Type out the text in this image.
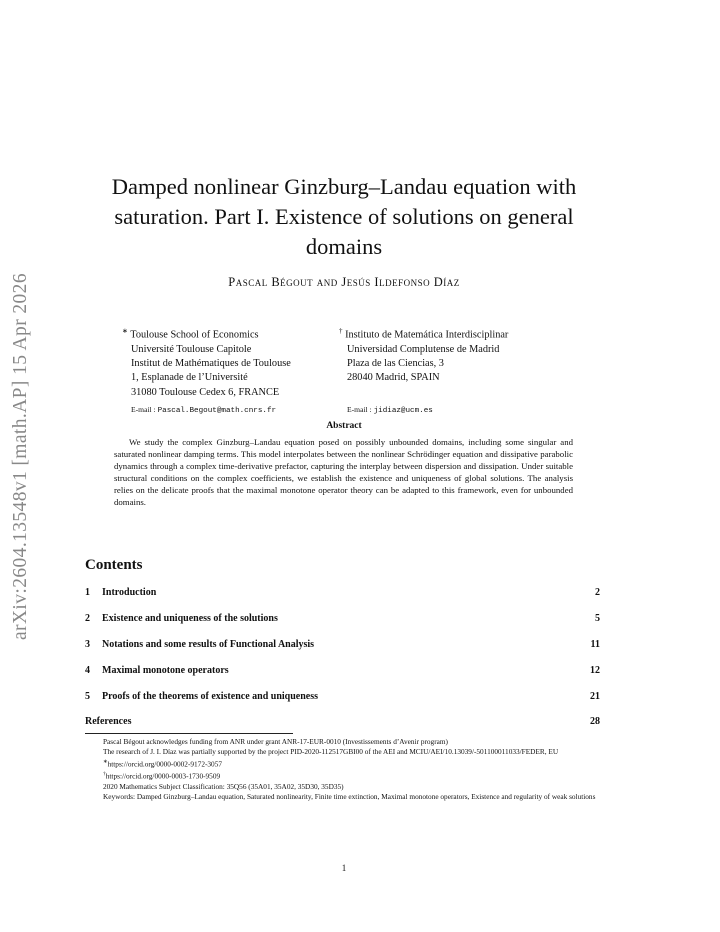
arXiv:2604.13548v1 [math.AP] 15 Apr 2026
Damped nonlinear Ginzburg–Landau equation with saturation. Part I. Existence of solutions on general domains
Pascal Bégout and Jesús Ildefonso Díaz
∗ Toulouse School of Economics
Université Toulouse Capitole
Institut de Mathématiques de Toulouse
1, Esplanade de l’Université
31080 Toulouse Cedex 6, FRANCE
E-mail : Pascal.Begout@math.cnrs.fr
† Instituto de Matemática Interdisciplinar
Universidad Complutense de Madrid
Plaza de las Ciencias, 3
28040 Madrid, SPAIN
E-mail : jidiaz@ucm.es
Abstract
We study the complex Ginzburg–Landau equation posed on possibly unbounded domains, including some singular and saturated nonlinear damping terms. This model interpolates between the nonlinear Schrödinger equation and dissipative parabolic dynamics through a complex time-derivative prefactor, capturing the interplay between dispersion and dissipation. Under suitable structural conditions on the complex coefficients, we establish the existence and uniqueness of global solutions. The analysis relies on the delicate proofs that the maximal monotone operator theory can be adapted to this framework, even for unbounded domains.
Contents
1 Introduction	2
2 Existence and uniqueness of the solutions	5
3 Notations and some results of Functional Analysis	11
4 Maximal monotone operators	12
5 Proofs of the theorems of existence and uniqueness	21
References	28
Pascal Bégout acknowledges funding from ANR under grant ANR-17-EUR-0010 (Investissements d’Avenir program)
The research of J. I. Díaz was partially supported by the project PID-2020-112517GBI00 of the AEI and MCIU/AEI/10.13039/-501100011033/FEDER, EU
∗https://orcid.org/0000-0002-9172-3057
†https://orcid.org/0000-0003-1730-9509
2020 Mathematics Subject Classification: 35Q56 (35A01, 35A02, 35D30, 35D35)
Keywords: Damped Ginzburg–Landau equation, Saturated nonlinearity, Finite time extinction, Maximal monotone operators, Existence and regularity of weak solutions
1
